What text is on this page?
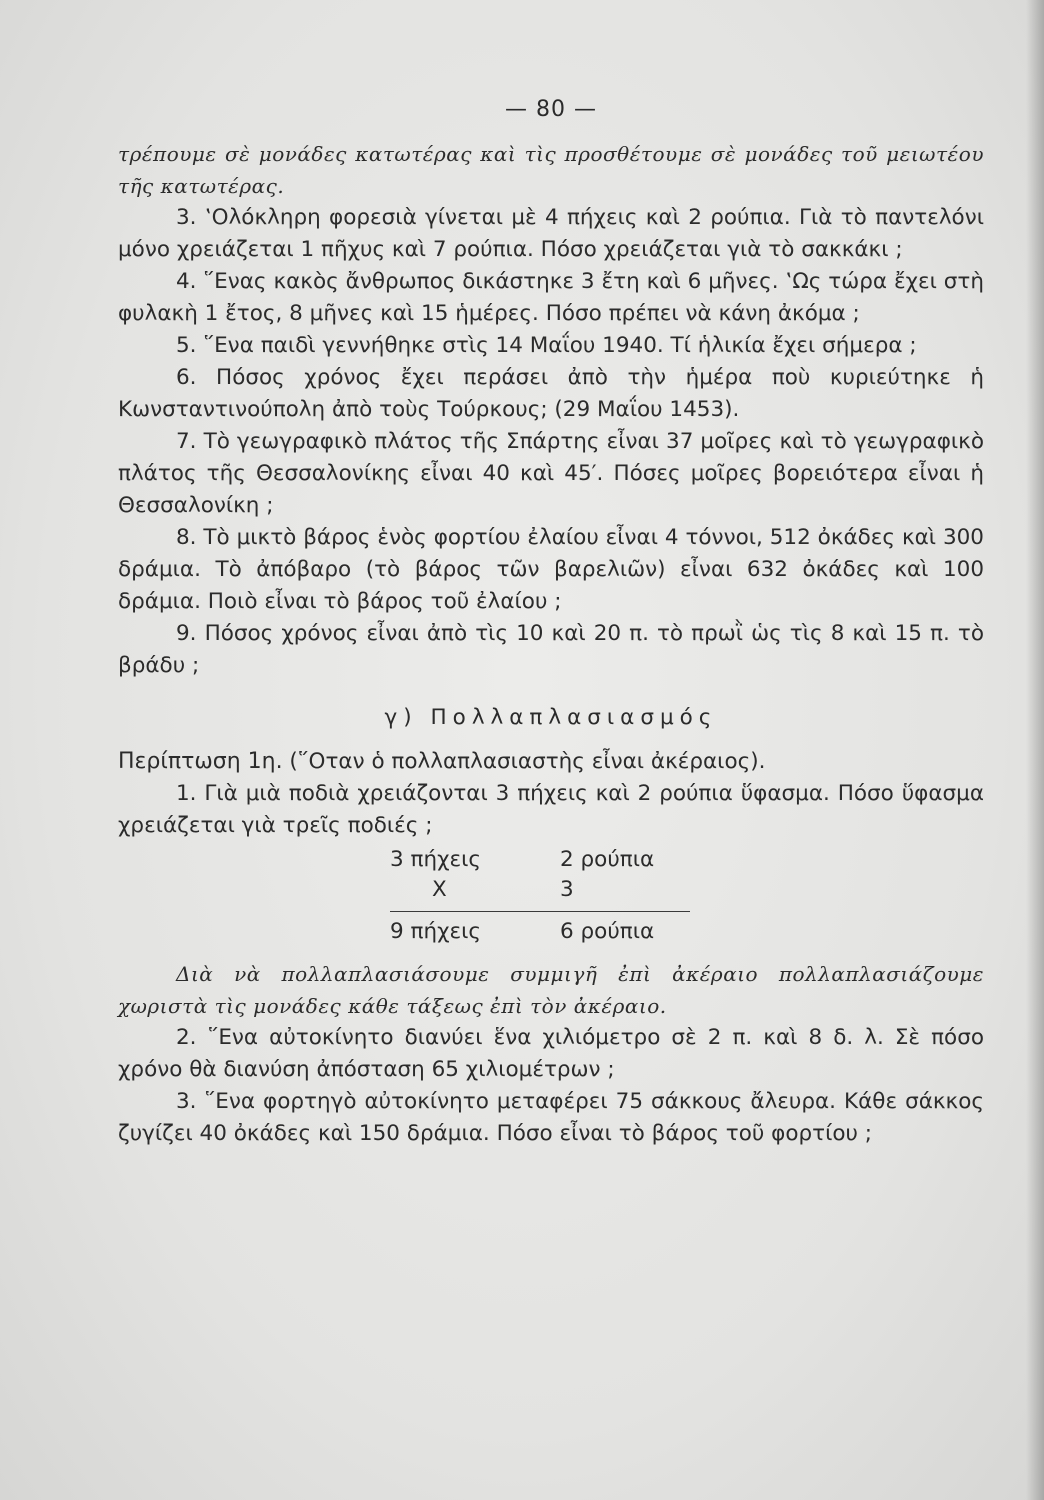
— 80 —

τρέπουμε σὲ μονάδες κατωτέρας καὶ τὶς προσθέτουμε σὲ μονάδες τοῦ μειωτέου τῆς κατωτέρας.

3. ‛Ολόκληρη φορεσιὰ γίνεται μὲ 4 πήχεις καὶ 2 ρούπια. Γιὰ τὸ παντελόνι μόνο χρειάζεται 1 πῆχυς καὶ 7 ρούπια. Πόσο χρειάζεται γιὰ τὸ σακκάκι ;

4. ῞Ενας κακὸς ἄνθρωπος δικάστηκε 3 ἔτη καὶ 6 μῆνες. ‛Ως τώρα ἔχει στὴ φυλακὴ 1 ἔτος, 8 μῆνες καὶ 15 ἡμέρες. Πόσο πρέπει νὰ κάνη ἀκόμα ;

5. ῞Ενα παιδὶ γεννήθηκε στὶς 14 Μαΐου 1940. Τί ἡλικία ἔχει σήμερα ;

6. Πόσος χρόνος ἔχει περάσει ἀπὸ τὴν ἡμέρα ποὺ κυριεύτηκε ἡ Κωνσταντινούπολη ἀπὸ τοὺς Τούρκους; (29 Μαΐου 1453).

7. Τὸ γεωγραφικὸ πλάτος τῆς Σπάρτης εἶναι 37 μοῖρες καὶ τὸ γεωγραφικὸ πλάτος τῆς Θεσσαλονίκης εἶναι 40 καὶ 45′. Πόσες μοῖρες βορειότερα εἶναι ἡ Θεσσαλονίκη ;

8. Τὸ μικτὸ βάρος ἑνὸς φορτίου ἐλαίου εἶναι 4 τόννοι, 512 ὀκάδες καὶ 300 δράμια. Τὸ ἀπόβαρο (τὸ βάρος τῶν βαρελιῶν) εἶναι 632 ὀκάδες καὶ 100 δράμια. Ποιὸ εἶναι τὸ βάρος τοῦ ἐλαίου ;

9. Πόσος χρόνος εἶναι ἀπὸ τὶς 10 καὶ 20 π. τὸ πρωῒ ὡς τὶς 8 καὶ 15 π. τὸ βράδυ ;

γ) Πολλαπλασιασμός

Περίπτωση 1η. (῞Οταν ὁ πολλαπλασιαστὴς εἶναι ἀκέραιος).

1. Γιὰ μιὰ ποδιὰ χρειάζονται 3 πήχεις καὶ 2 ρούπια ὕφασμα. Πόσο ὕφασμα χρειάζεται γιὰ τρεῖς ποδιές ;

3 πήχεις	2 ρούπια
X	3
9 πήχεις	6 ρούπια

Διὰ νὰ πολλαπλασιάσουμε συμμιγῆ ἐπὶ ἀκέραιο πολλαπλασιάζουμε χωριστὰ τὶς μονάδες κάθε τάξεως ἐπὶ τὸν ἀκέραιο.

2. ῞Ενα αὐτοκίνητο διανύει ἕνα χιλιόμετρο σὲ 2 π. καὶ 8 δ. λ. Σὲ πόσο χρόνο θὰ διανύση ἀπόσταση 65 χιλιομέτρων ;

3. ῞Ενα φορτηγὸ αὐτοκίνητο μεταφέρει 75 σάκκους ἄλευρα. Κάθε σάκκος ζυγίζει 40 ὀκάδες καὶ 150 δράμια. Πόσο εἶναι τὸ βάρος τοῦ φορτίου ;
